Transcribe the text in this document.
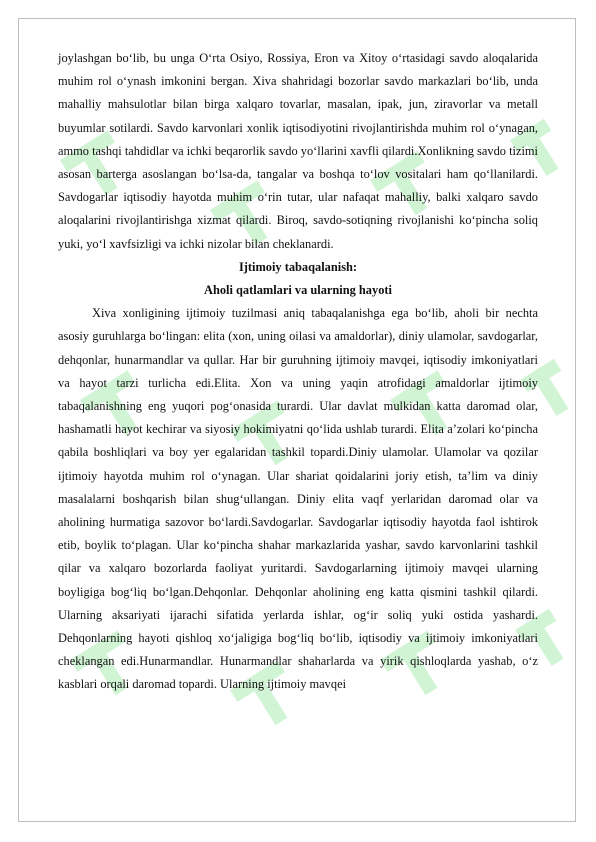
joylashgan bo‘lib, bu unga O‘rta Osiyo, Rossiya, Eron va Xitoy o‘rtasidagi savdo aloqalarida muhim rol o‘ynash imkonini bergan. Xiva shahridagi bozorlar savdo markazlari bo‘lib, unda mahalliy mahsulotlar bilan birga xalqaro tovarlar, masalan, ipak, jun, ziravorlar va metall buyumlar sotilardi. Savdo karvonlari xonlik iqtisodiyotini rivojlantirishda muhim rol o‘ynagan, ammo tashqi tahdidlar va ichki beqarorlik savdo yo‘llarini xavfli qilardi.Xonlikning savdo tizimi asosan barterga asoslangan bo‘lsa-da, tangalar va boshqa to‘lov vositalari ham qo‘llanilardi. Savdogarlar iqtisodiy hayotda muhim o‘rin tutar, ular nafaqat mahalliy, balki xalqaro savdo aloqalarini rivojlantirishga xizmat qilardi. Biroq, savdo-sotiqning rivojlanishi ko‘pincha soliq yuki, yo‘l xavfsizligi va ichki nizolar bilan cheklanardi.

Ijtimoiy tabaqalanish:

Aholi qatlamlari va ularning hayoti

Xiva xonligining ijtimoiy tuzilmasi aniq tabaqalanishga ega bo‘lib, aholi bir nechta asosiy guruhlarga bo‘lingan: elita (xon, uning oilasi va amaldorlar), diniy ulamolar, savdogarlar, dehqonlar, hunarmandlar va qullar. Har bir guruhning ijtimoiy mavqei, iqtisodiy imkoniyatlari va hayot tarzi turlicha edi.Elita. Xon va uning yaqin atrofidagi amaldorlar ijtimoiy tabaqalanishning eng yuqori pog‘onasida turardi. Ular davlat mulkidan katta daromad olar, hashamatli hayot kechirar va siyosiy hokimiyatni qo‘lida ushlab turardi. Elita a’zolari ko‘pincha qabila boshliqlari va boy yer egalaridan tashkil topardi.Diniy ulamolar. Ulamolar va qozilar ijtimoiy hayotda muhim rol o‘ynagan. Ular shariat qoidalarini joriy etish, ta’lim va diniy masalalarni boshqarish bilan shug‘ullangan. Diniy elita vaqf yerlaridan daromad olar va aholining hurmatiga sazovor bo‘lardi.Savdogarlar. Savdogarlar iqtisodiy hayotda faol ishtirok etib, boylik to‘plagan. Ular ko‘pincha shahar markazlarida yashar, savdo karvonlarini tashkil qilar va xalqaro bozorlarda faoliyat yuritardi. Savdogarlarning ijtimoiy mavqei ularning boyligiga bog‘liq bo‘lgan.Dehqonlar. Dehqonlar aholining eng katta qismini tashkil qilardi. Ularning aksariyati ijarachi sifatida yerlarda ishlar, og‘ir soliq yuki ostida yashardi. Dehqonlarning hayoti qishloq xo‘jaligiga bog‘liq bo‘lib, iqtisodiy va ijtimoiy imkoniyatlari cheklangan edi.Hunarmandlar. Hunarmandlar shaharlarda va yirik qishloqlarda yashab, o‘z kasblari orqali daromad topardi. Ularning ijtimoiy mavqei
